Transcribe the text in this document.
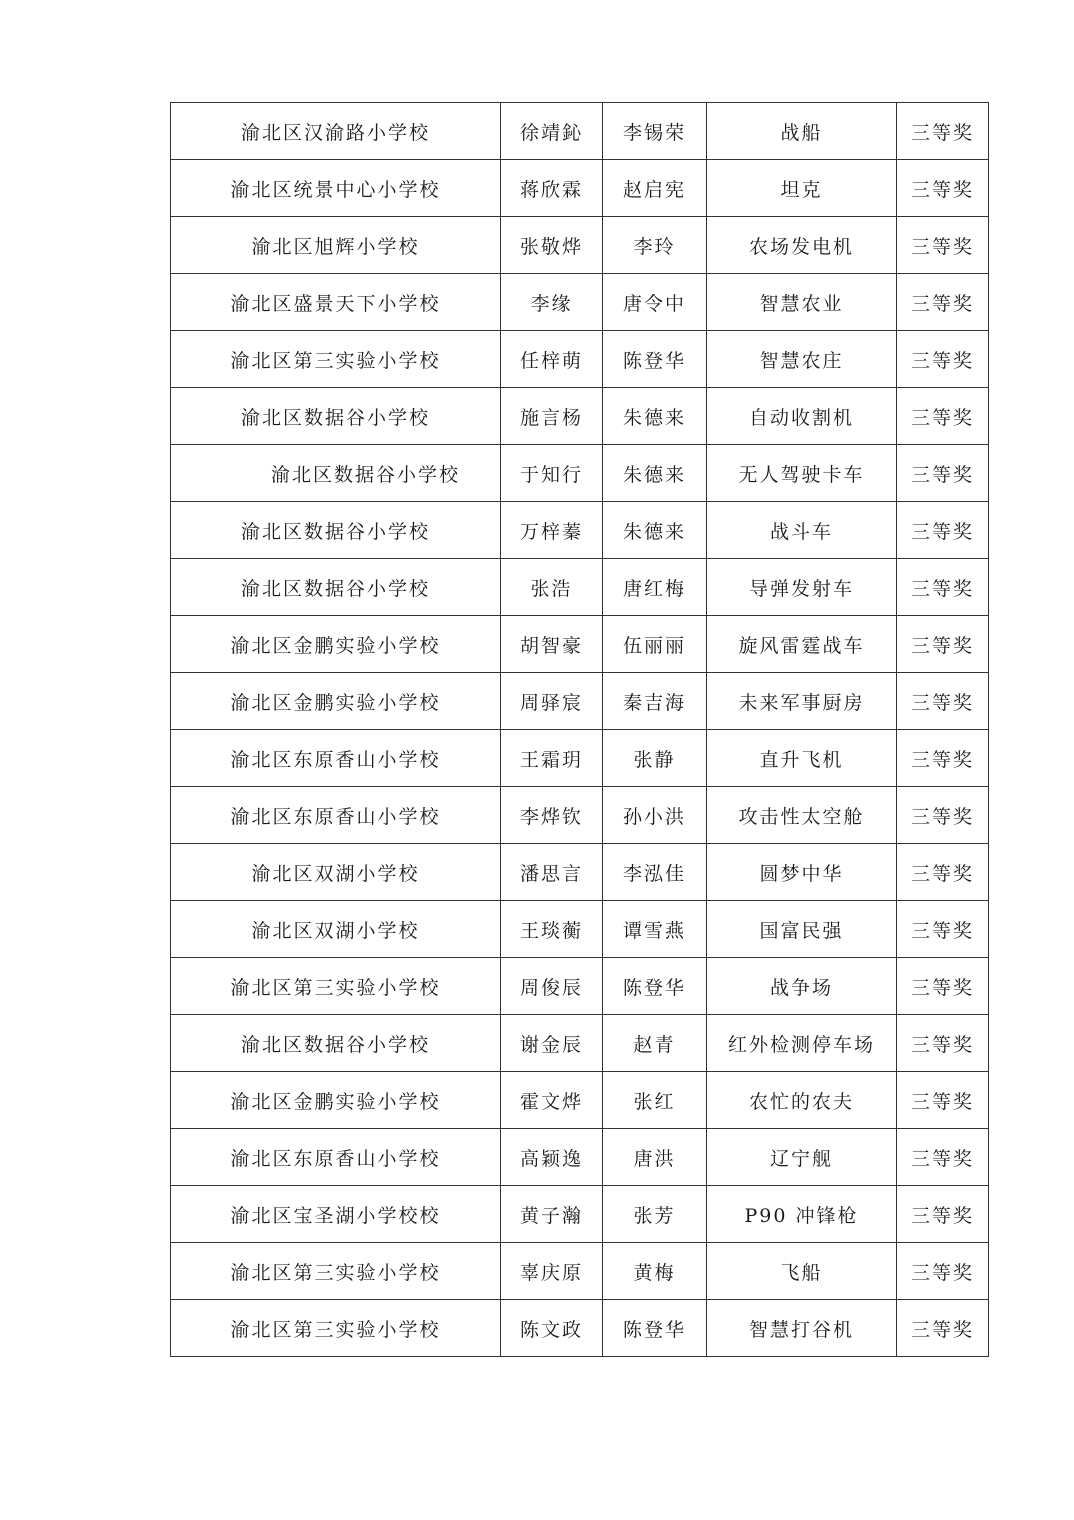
渝北区汉渝路小学校	徐靖鈊	李锡荣	战船	三等奖
渝北区统景中心小学校	蒋欣霖	赵启宪	坦克	三等奖
渝北区旭辉小学校	张敬烨	李玲	农场发电机	三等奖
渝北区盛景天下小学校	李缘	唐令中	智慧农业	三等奖
渝北区第三实验小学校	任梓萌	陈登华	智慧农庄	三等奖
渝北区数据谷小学校	施言杨	朱德来	自动收割机	三等奖
渝北区数据谷小学校	于知行	朱德来	无人驾驶卡车	三等奖
渝北区数据谷小学校	万梓蓁	朱德来	战斗车	三等奖
渝北区数据谷小学校	张浩	唐红梅	导弹发射车	三等奖
渝北区金鹏实验小学校	胡智豪	伍丽丽	旋风雷霆战车	三等奖
渝北区金鹏实验小学校	周驿宸	秦吉海	未来军事厨房	三等奖
渝北区东原香山小学校	王霜玥	张静	直升飞机	三等奖
渝北区东原香山小学校	李烨钦	孙小洪	攻击性太空舱	三等奖
渝北区双湖小学校	潘思言	李泓佳	圆梦中华	三等奖
渝北区双湖小学校	王琰蘅	谭雪燕	国富民强	三等奖
渝北区第三实验小学校	周俊辰	陈登华	战争场	三等奖
渝北区数据谷小学校	谢金辰	赵青	红外检测停车场	三等奖
渝北区金鹏实验小学校	霍文烨	张红	农忙的农夫	三等奖
渝北区东原香山小学校	高颖逸	唐洪	辽宁舰	三等奖
渝北区宝圣湖小学校校	黄子瀚	张芳	P90 冲锋枪	三等奖
渝北区第三实验小学校	辜庆原	黄梅	飞船	三等奖
渝北区第三实验小学校	陈文政	陈登华	智慧打谷机	三等奖
